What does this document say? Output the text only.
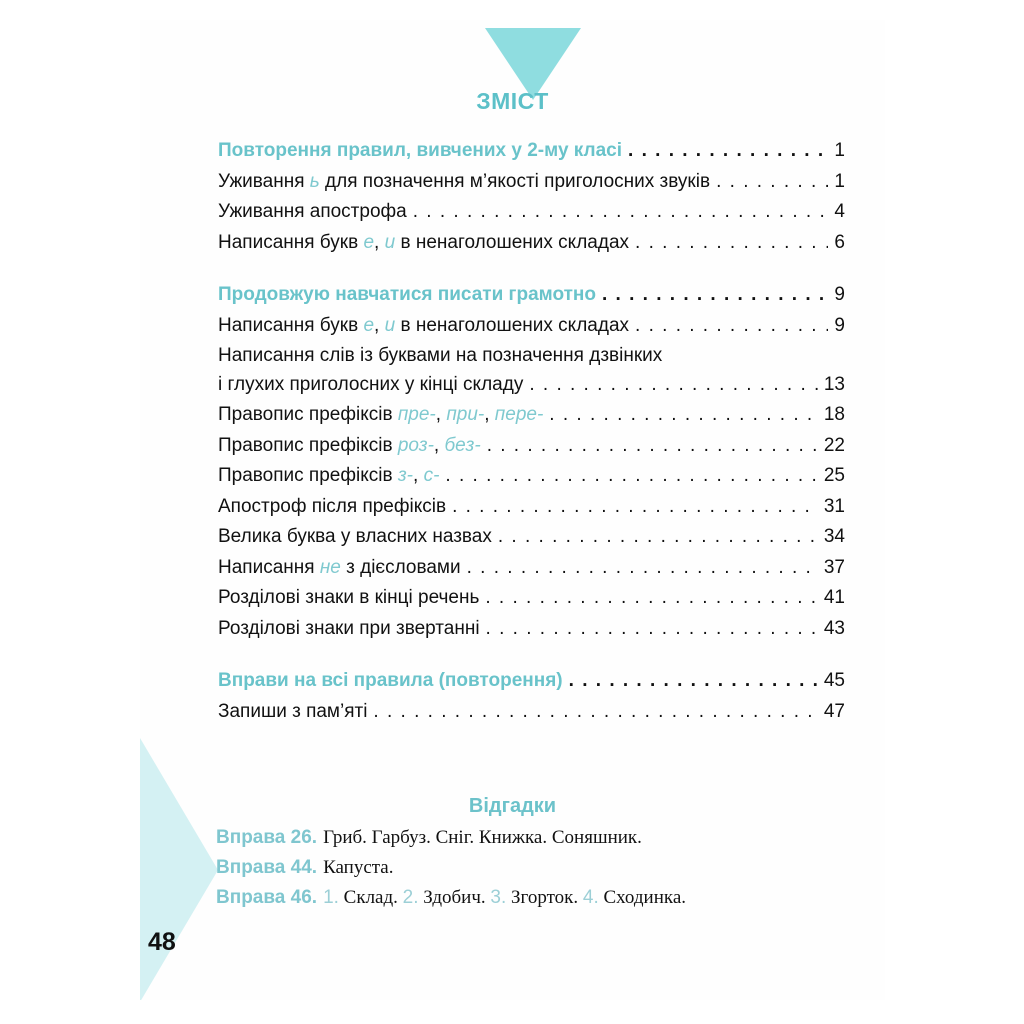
ЗМІСТ
Повторення правил, вивчених у 2-му класі . . .	1
Уживання ь для позначення м’якості приголосних звуків . . .	1
Уживання апострофа . . .	4
Написання букв е, и в ненаголошених складах . . .	6
Продовжую навчатися писати грамотно . . .	9
Написання букв е, и в ненаголошених складах . . .	9
Написання слів із буквами на позначення дзвінких
і глухих приголосних у кінці складу . . .	13
Правопис префіксів пре-, при-, пере- . . .	18
Правопис префіксів роз-, без- . . .	22
Правопис префіксів з-, с- . . .	25
Апостроф після префіксів . . .	31
Велика буква у власних назвах . . .	34
Написання не з дієсловами . . .	37
Розділові знаки в кінці речень . . .	41
Розділові знаки при звертанні . . .	43
Вправи на всі правила (повторення) . . .	45
Запиши з пам’яті . . .	47
Відгадки
Вправа 26. Гриб. Гарбуз. Сніг. Книжка. Соняшник.
Вправа 44. Капуста.
Вправа 46. 1. Склад. 2. Здобич. 3. Згорток. 4. Сходинка.
48
